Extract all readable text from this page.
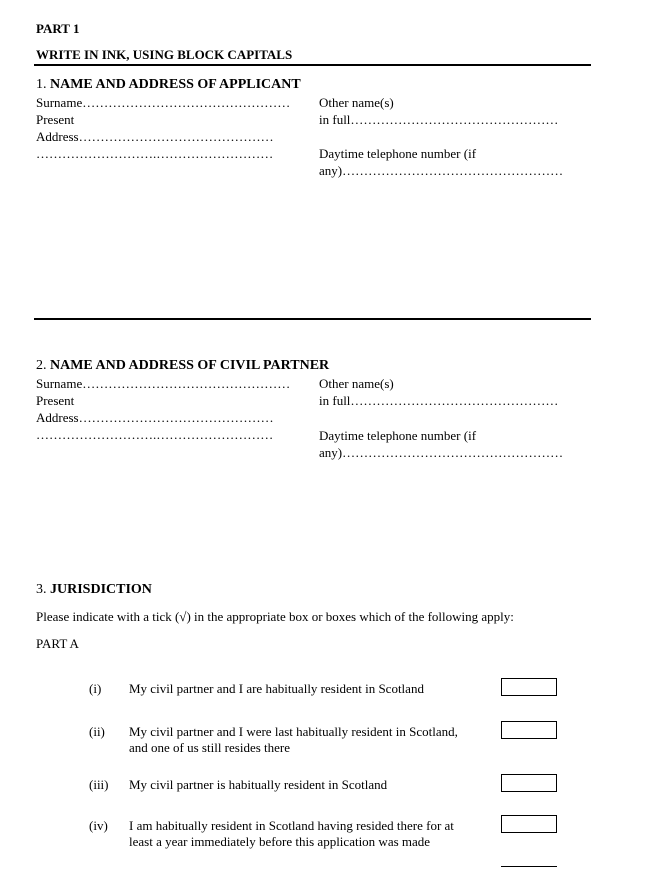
PART 1
WRITE IN INK, USING BLOCK CAPITALS
1. NAME AND ADDRESS OF APPLICANT
Surname…………………………………………
Present
Address………………………………………
……………………….………………………
Other name(s)
in full…………………………………………
Daytime telephone number (if
any)……………………………………………
2. NAME AND ADDRESS OF CIVIL PARTNER
Surname…………………………………………
Present
Address………………………………………
……………………….………………………
Other name(s)
in full…………………………………………
Daytime telephone number (if
any)……………………………………………
3. JURISDICTION
Please indicate with a tick (√) in the appropriate box or boxes which of the following apply:
PART A
(i) My civil partner and I are habitually resident in Scotland
(ii) My civil partner and I were last habitually resident in Scotland,
and one of us still resides there
(iii) My civil partner is habitually resident in Scotland
(iv) I am habitually resident in Scotland having resided there for at
least a year immediately before this application was made
